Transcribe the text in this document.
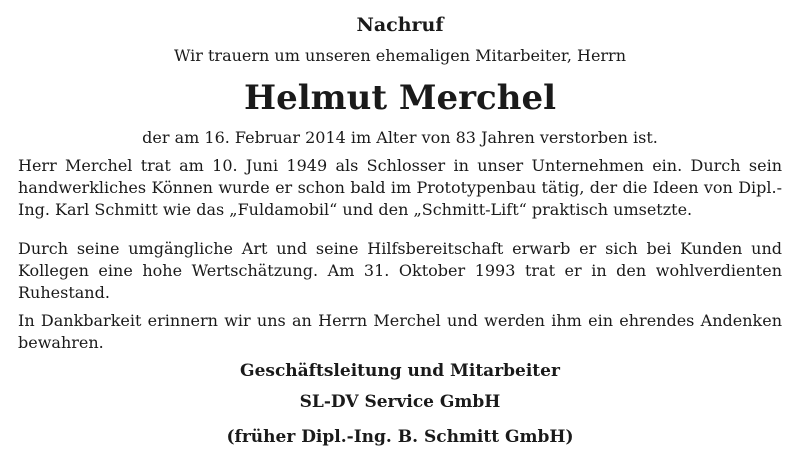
Nachruf
Wir trauern um unseren ehemaligen Mitarbeiter, Herrn
Helmut Merchel
der am 16. Februar 2014 im Alter von 83 Jahren verstorben ist.
Herr Merchel trat am 10. Juni 1949 als Schlosser in unser Unternehmen ein. Durch sein handwerkliches Können wurde er schon bald im Prototypenbau tätig, der die Ideen von Dipl.-Ing. Karl Schmitt wie das „Fuldamobil“ und den „Schmitt-Lift“ praktisch umsetzte.
Durch seine umgängliche Art und seine Hilfsbereitschaft erwarb er sich bei Kunden und Kollegen eine hohe Wertschätzung. Am 31. Oktober 1993 trat er in den wohlverdienten Ruhestand.
In Dankbarkeit erinnern wir uns an Herrn Merchel und werden ihm ein ehrendes Andenken bewahren.
Geschäftsleitung und Mitarbeiter
SL-DV Service GmbH
(früher Dipl.-Ing. B. Schmitt GmbH)
